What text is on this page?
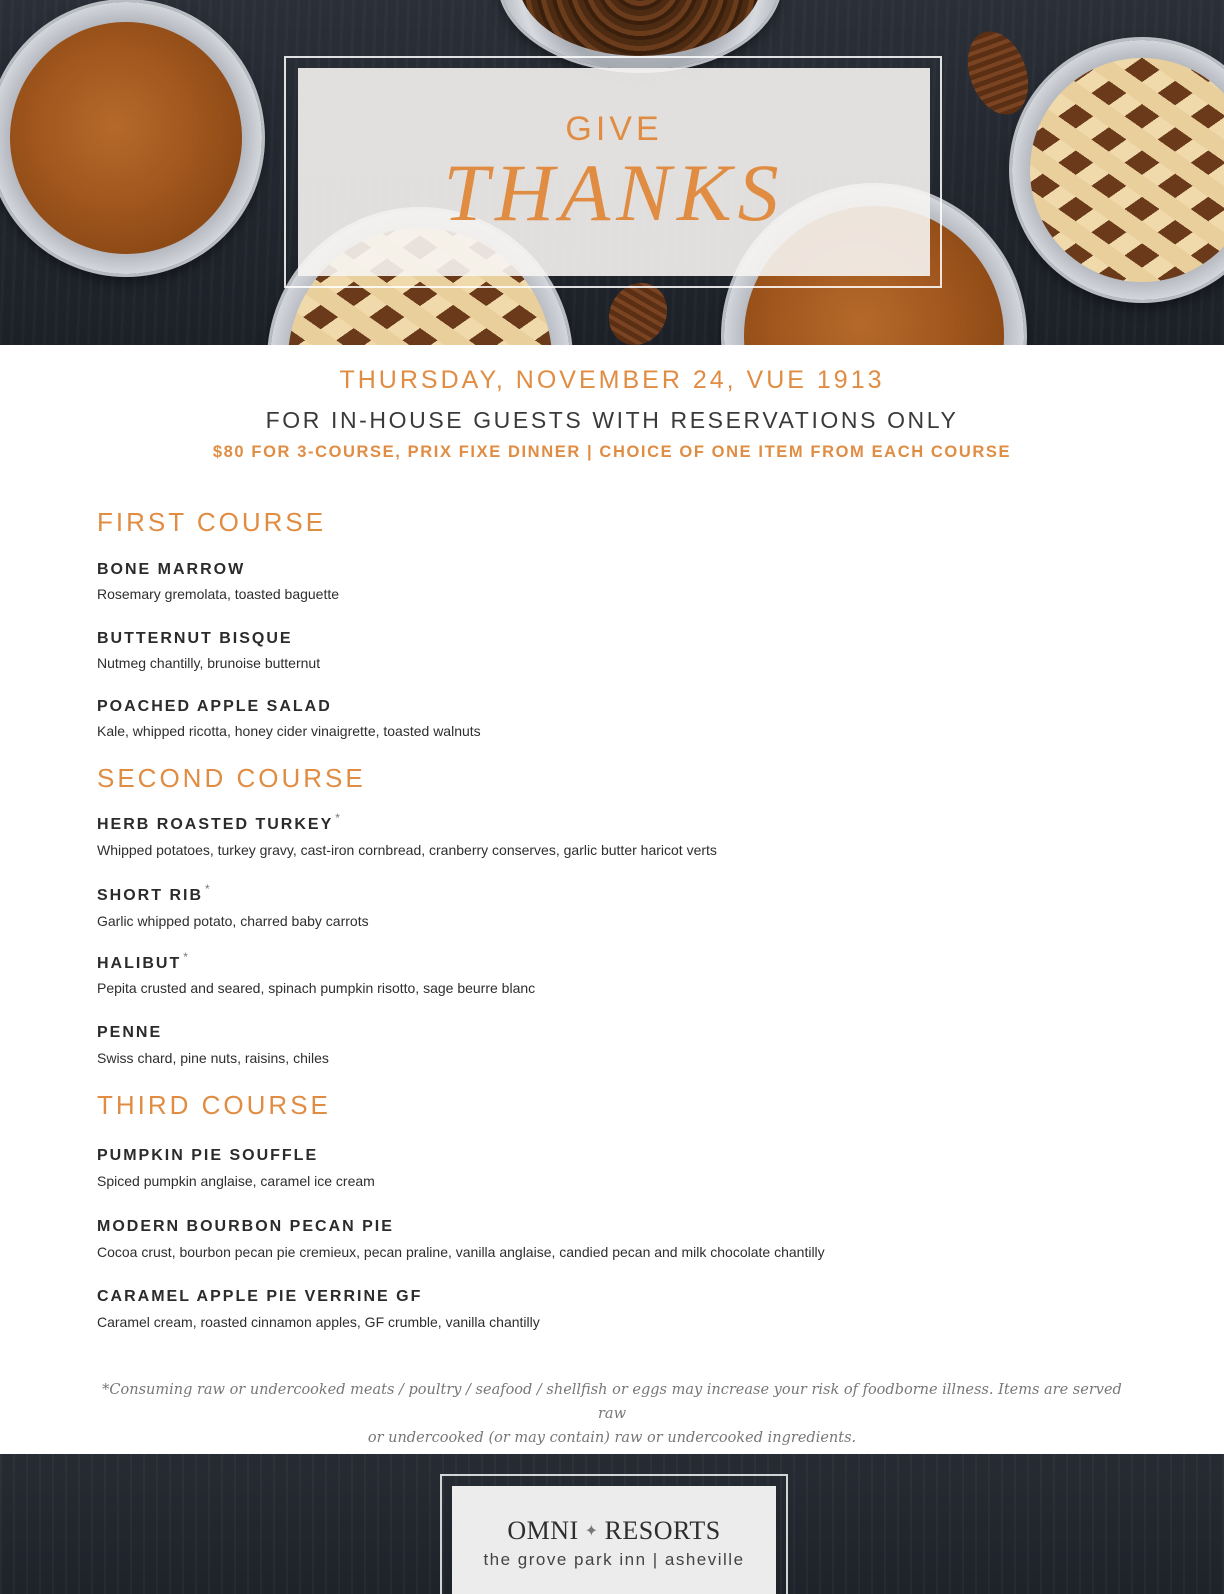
GIVE
THANKS
THURSDAY, NOVEMBER 24, VUE 1913
FOR IN-HOUSE GUESTS WITH RESERVATIONS ONLY
$80 FOR 3-COURSE, PRIX FIXE DINNER | CHOICE OF ONE ITEM FROM EACH COURSE
FIRST COURSE
BONE MARROW
Rosemary gremolata, toasted baguette
BUTTERNUT BISQUE
Nutmeg chantilly, brunoise butternut
POACHED APPLE SALAD
Kale, whipped ricotta, honey cider vinaigrette, toasted walnuts
SECOND COURSE
HERB ROASTED TURKEY *
Whipped potatoes, turkey gravy, cast-iron cornbread, cranberry conserves, garlic butter haricot verts
SHORT RIB *
Garlic whipped potato, charred baby carrots
HALIBUT *
Pepita crusted and seared, spinach pumpkin risotto, sage beurre blanc
PENNE
Swiss chard, pine nuts, raisins, chiles
THIRD COURSE
PUMPKIN PIE SOUFFLE
Spiced pumpkin anglaise, caramel ice cream
MODERN BOURBON PECAN PIE
Cocoa crust, bourbon pecan pie cremieux, pecan praline, vanilla anglaise, candied pecan and milk chocolate chantilly
CARAMEL APPLE PIE VERRINE GF
Caramel cream, roasted cinnamon apples, GF crumble, vanilla chantilly
*Consuming raw or undercooked meats / poultry / seafood / shellfish or eggs may increase your risk of foodborne illness. Items are served raw
or undercooked (or may contain) raw or undercooked ingredients.
OMNI ✦ RESORTS
the grove park inn | asheville
